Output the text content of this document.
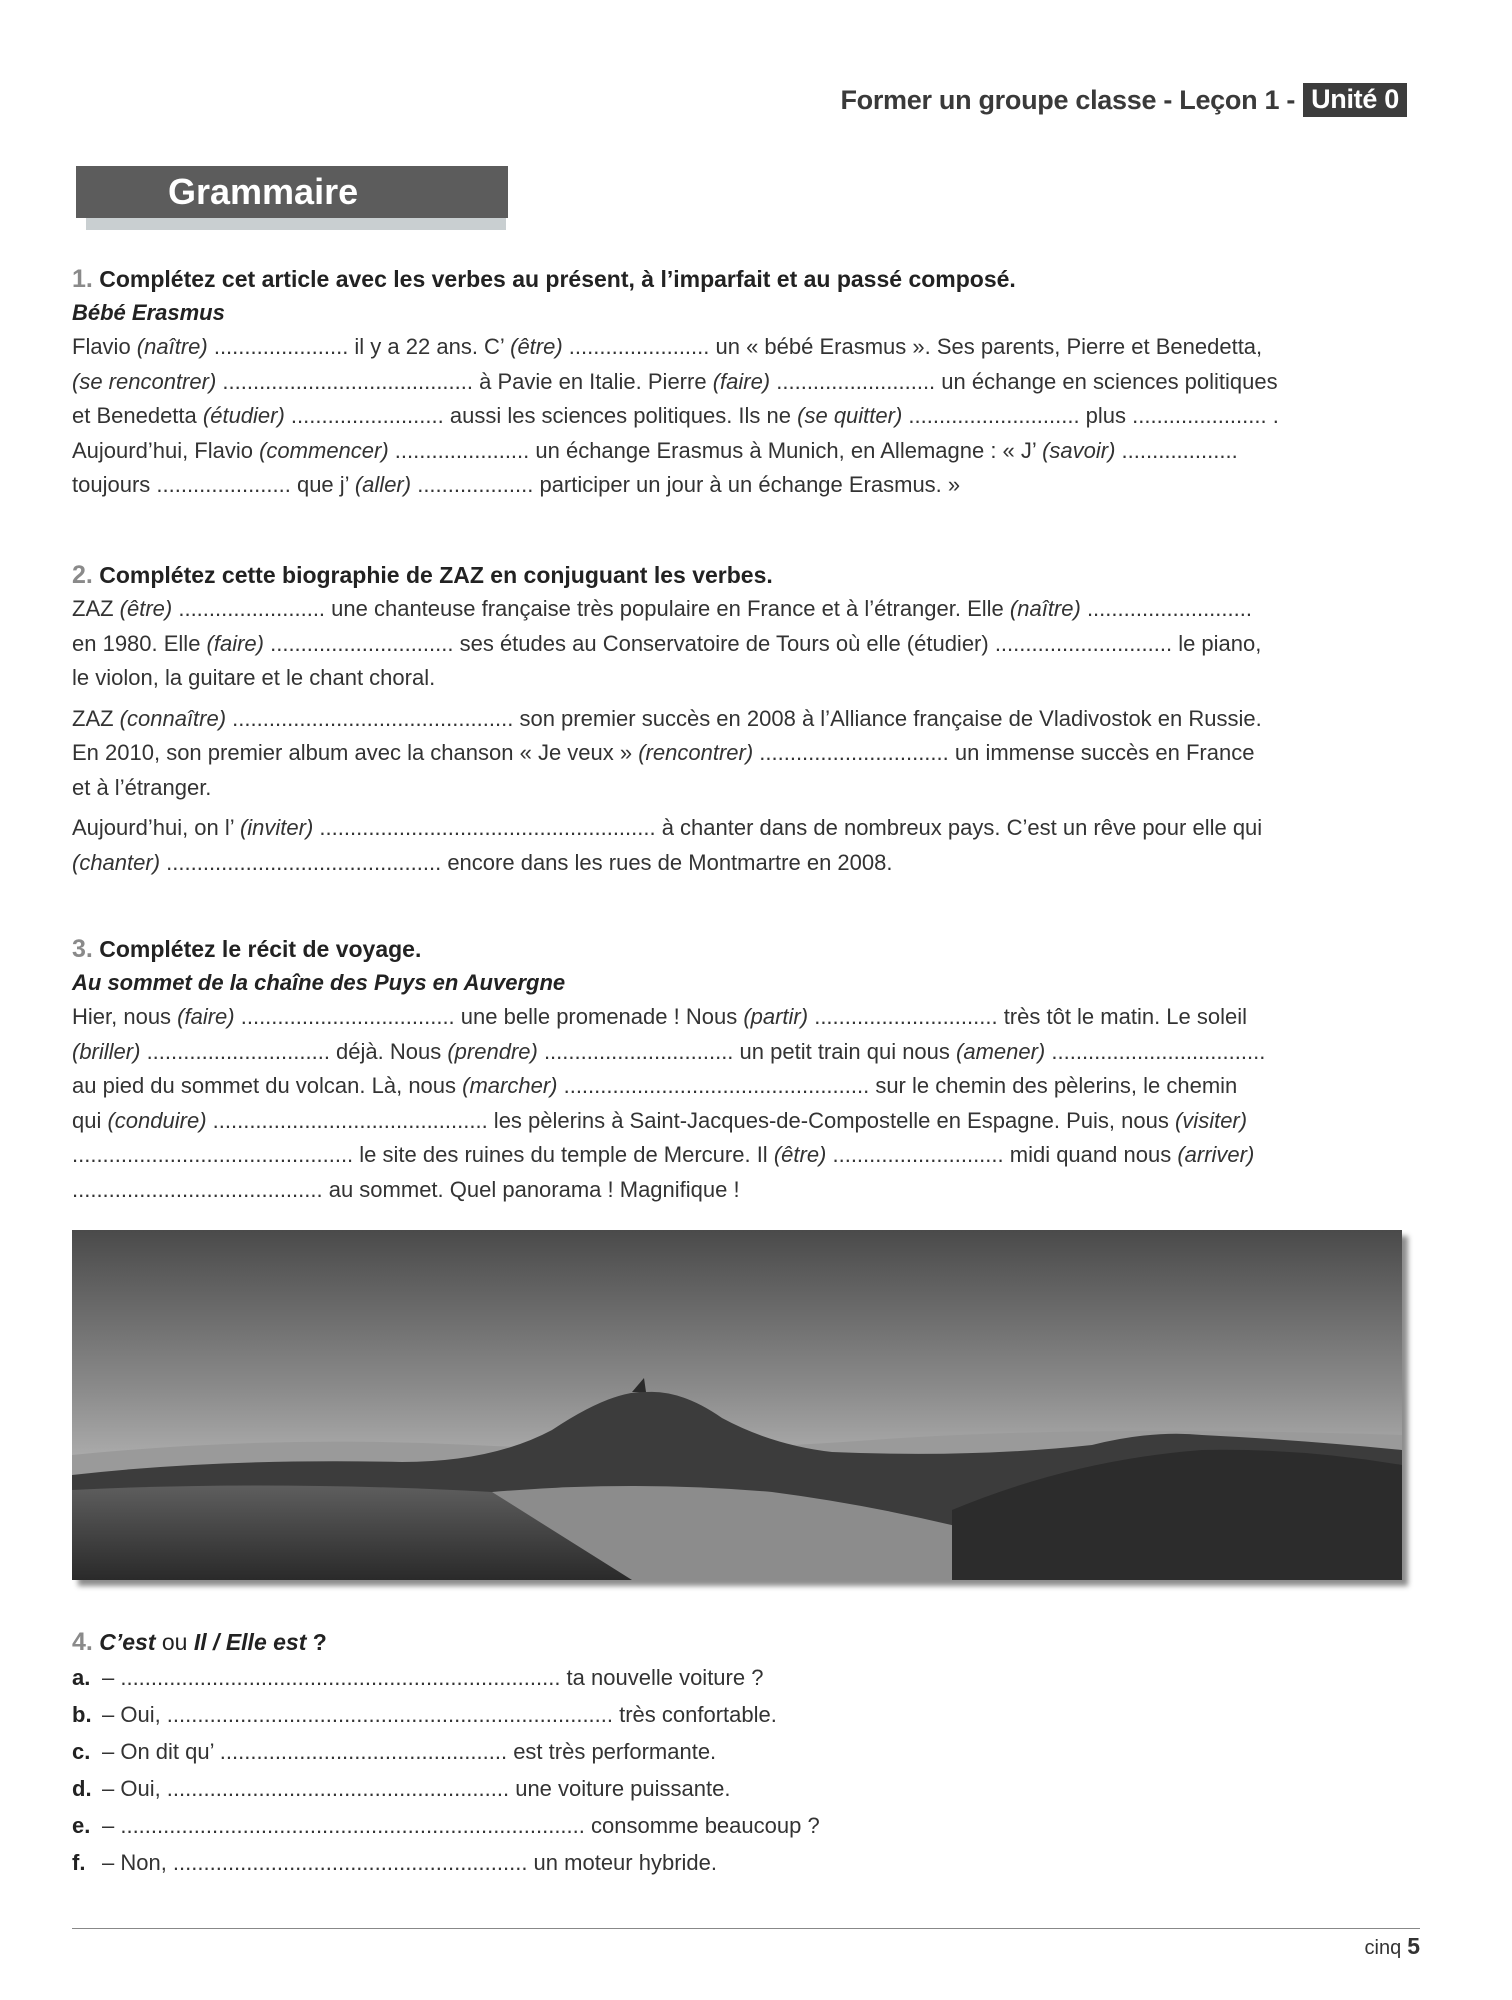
Former un groupe classe - Leçon 1 - Unité 0
Grammaire

1. Complétez cet article avec les verbes au présent, à l’imparfait et au passé composé.

Bébé Erasmus

Flavio (naître) ...................... il y a 22 ans. C’ (être) ....................... un « bébé Erasmus ». Ses parents, Pierre et Benedetta,
(se rencontrer) ......................................... à Pavie en Italie. Pierre (faire) .......................... un échange en sciences politiques
et Benedetta (étudier) ......................... aussi les sciences politiques. Ils ne (se quitter) ............................ plus ...................... .
Aujourd’hui, Flavio (commencer) ...................... un échange Erasmus à Munich, en Allemagne : « J’ (savoir) ...................
toujours ...................... que j’ (aller) ................... participer un jour à un échange Erasmus. »

2. Complétez cette biographie de ZAZ en conjuguant les verbes.

ZAZ (être) ........................ une chanteuse française très populaire en France et à l’étranger. Elle (naître) ...........................
en 1980. Elle (faire) .............................. ses études au Conservatoire de Tours où elle (étudier) ............................. le piano,
le violon, la guitare et le chant choral.

ZAZ (connaître) .............................................. son premier succès en 2008 à l’Alliance française de Vladivostok en Russie.
En 2010, son premier album avec la chanson « Je veux » (rencontrer) ............................... un immense succès en France
et à l’étranger.

Aujourd’hui, on l’ (inviter) ....................................................... à chanter dans de nombreux pays. C’est un rêve pour elle qui
(chanter) ............................................. encore dans les rues de Montmartre en 2008.

3. Complétez le récit de voyage.

Au sommet de la chaîne des Puys en Auvergne

Hier, nous (faire) ................................... une belle promenade ! Nous (partir) .............................. très tôt le matin. Le soleil
(briller) .............................. déjà. Nous (prendre) ............................... un petit train qui nous (amener) ...................................
au pied du sommet du volcan. Là, nous (marcher) .................................................. sur le chemin des pèlerins, le chemin
qui (conduire) ............................................. les pèlerins à Saint-Jacques-de-Compostelle en Espagne. Puis, nous (visiter)
.............................................. le site des ruines du temple de Mercure. Il (être) ............................ midi quand nous (arriver)
......................................... au sommet. Quel panorama ! Magnifique !

4. C’est ou Il / Elle est ?

a. – ........................................................................ ta nouvelle voiture ?
b. – Oui, ......................................................................... très confortable.
c. – On dit qu’ ............................................... est très performante.
d. – Oui, ........................................................ une voiture puissante.
e. – ............................................................................ consomme beaucoup ?
f. – Non, .......................................................... un moteur hybride.
cinq 5
